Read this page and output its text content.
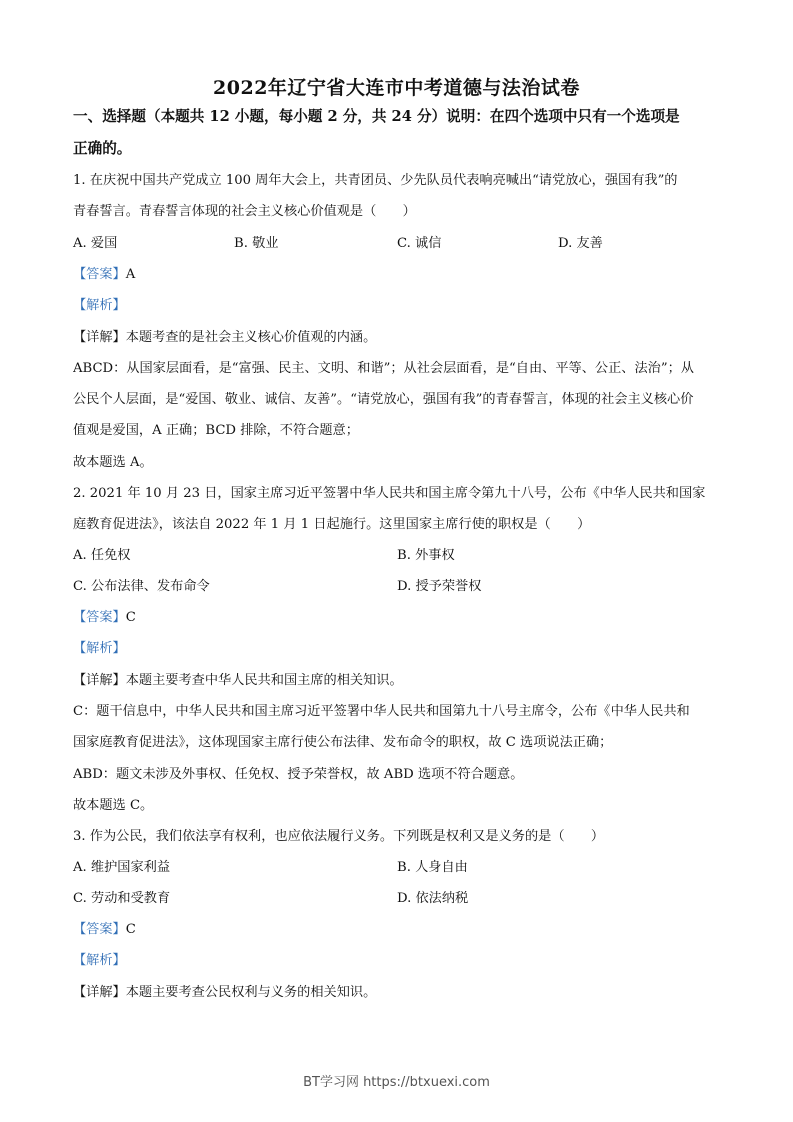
2022年辽宁省大连市中考道德与法治试卷
一、选择题（本题共 12 小题，每小题 2 分，共 24 分）说明：在四个选项中只有一个选项是
正确的。
1. 在庆祝中国共产党成立 100 周年大会上，共青团员、少先队员代表响亮喊出“请党放心，强国有我”的
青春誓言。青春誓言体现的社会主义核心价值观是（　　）
A. 爱国	B. 敬业	C. 诚信	D. 友善
【答案】A
【解析】
【详解】本题考查的是社会主义核心价值观的内涵。
ABCD：从国家层面看，是“富强、民主、文明、和谐”；从社会层面看，是“自由、平等、公正、法治”；从
公民个人层面，是“爱国、敬业、诚信、友善”。“请党放心，强国有我”的青春誓言，体现的社会主义核心价
值观是爱国，A 正确；BCD 排除，不符合题意；
故本题选 A。
2. 2021 年 10 月 23 日，国家主席习近平签署中华人民共和国主席令第九十八号，公布《中华人民共和国家
庭教育促进法》，该法自 2022 年 1 月 1 日起施行。这里国家主席行使的职权是（　　）
A. 任免权	B. 外事权
C. 公布法律、发布命令	D. 授予荣誉权
【答案】C
【解析】
【详解】本题主要考查中华人民共和国主席的相关知识。
C：题干信息中，中华人民共和国主席习近平签署中华人民共和国第九十八号主席令，公布《中华人民共和
国家庭教育促进法》，这体现国家主席行使公布法律、发布命令的职权，故 C 选项说法正确；
ABD：题文未涉及外事权、任免权、授予荣誉权，故 ABD 选项不符合题意。
故本题选 C。
3. 作为公民，我们依法享有权利，也应依法履行义务。下列既是权利又是义务的是（　　）
A. 维护国家利益	B. 人身自由
C. 劳动和受教育	D. 依法纳税
【答案】C
【解析】
【详解】本题主要考查公民权利与义务的相关知识。
BT学习网 https://btxuexi.com
